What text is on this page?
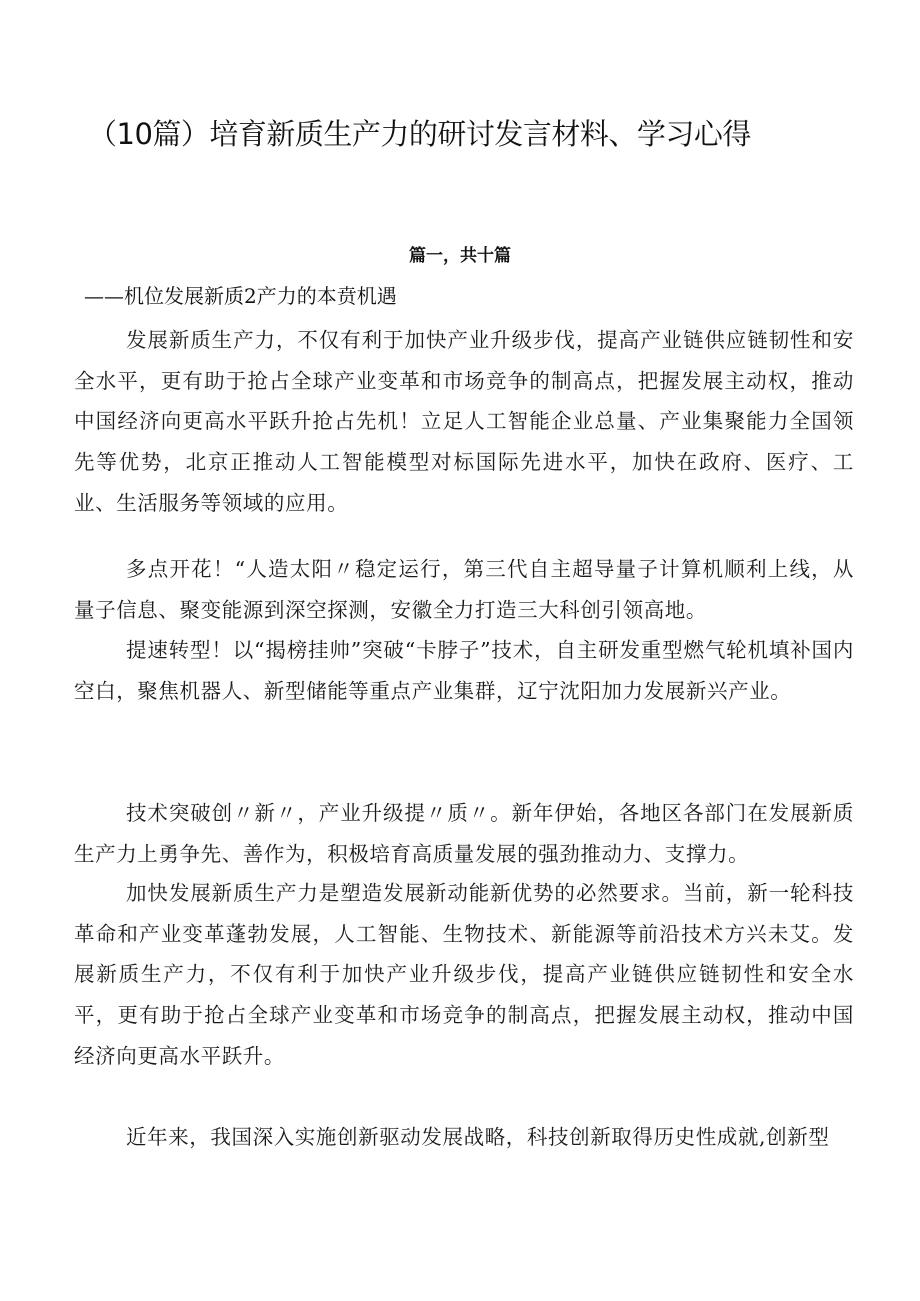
（10篇）培育新质生产力的研讨发言材料、学习心得
篇一，共十篇
——机位发展新质2产力的本贲机遇

发展新质生产力，不仅有利于加快产业升级步伐，提高产业链供应链韧性和安全水平，更有助于抢占全球产业变革和市场竞争的制高点，把握发展主动权，推动中国经济向更高水平跃升抢占先机！立足人工智能企业总量、产业集聚能力全国领先等优势，北京正推动人工智能模型对标国际先进水平，加快在政府、医疗、工业、生活服务等领域的应用。

多点开花！“人造太阳〃稳定运行，第三代自主超导量子计算机顺利上线，从量子信息、聚变能源到深空探测，安徽全力打造三大科创引领高地。

提速转型！以“揭榜挂帅”突破“卡脖子”技术，自主研发重型燃气轮机填补国内空白，聚焦机器人、新型储能等重点产业集群，辽宁沈阳加力发展新兴产业。

技术突破创〃新〃，产业升级提〃质〃。新年伊始，各地区各部门在发展新质生产力上勇争先、善作为，积极培育高质量发展的强劲推动力、支撑力。

加快发展新质生产力是塑造发展新动能新优势的必然要求。当前，新一轮科技革命和产业变革蓬勃发展，人工智能、生物技术、新能源等前沿技术方兴未艾。发展新质生产力，不仅有利于加快产业升级步伐，提高产业链供应链韧性和安全水平，更有助于抢占全球产业变革和市场竞争的制高点，把握发展主动权，推动中国经济向更高水平跃升。

近年来，我国深入实施创新驱动发展战略，科技创新取得历史性成就,创新型
